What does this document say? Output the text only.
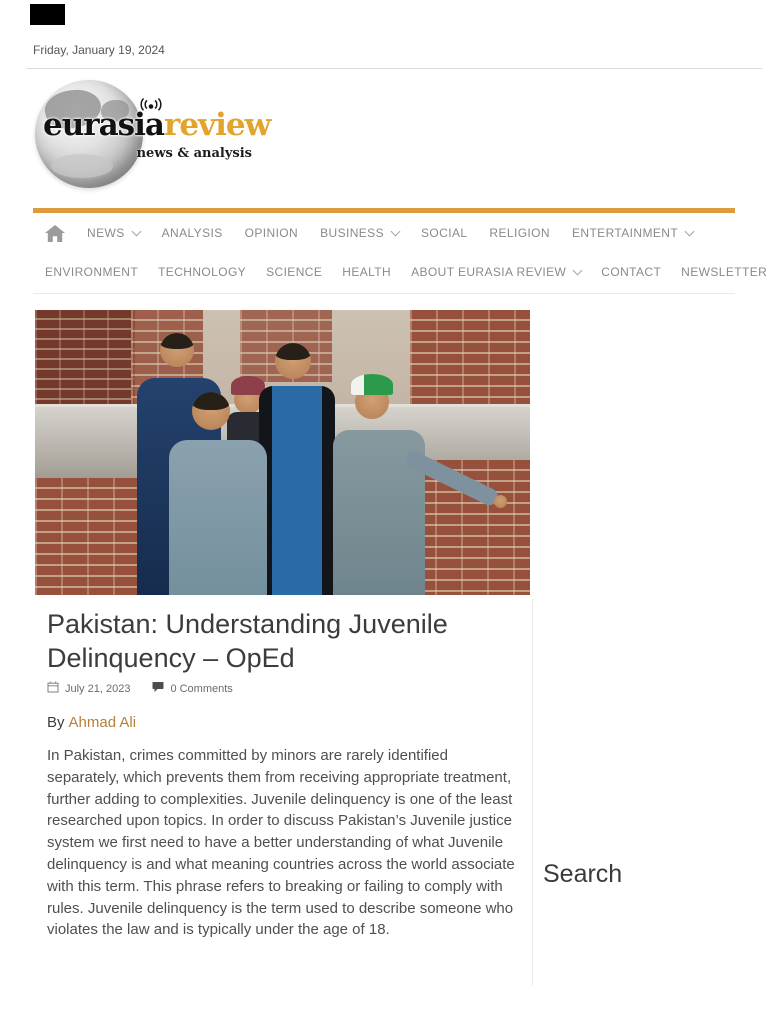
Friday, January 19, 2024
eurasiareview
news & analysis
NEWS	ANALYSIS OPINION BUSINESS	SOCIAL RELIGION ENTERTAINMENT
ENVIRONMENT TECHNOLOGY SCIENCE HEALTH ABOUT EURASIA REVIEW	CONTACT NEWSLETTER
Pakistan: Understanding Juvenile Delinquency – OpEd
July 21, 2023	0 Comments
By Ahmad Ali

In Pakistan, crimes committed by minors are rarely identified separately, which prevents them from receiving appropriate treatment, further adding to complexities. Juvenile delinquency is one of the least researched upon topics. In order to discuss Pakistan’s Juvenile justice system we first need to have a better understanding of what Juvenile delinquency is and what meaning countries across the world associate with this term. This phrase refers to breaking or failing to comply with rules. Juvenile delinquency is the term used to describe someone who violates the law and is typically under the age of 18.

Search
